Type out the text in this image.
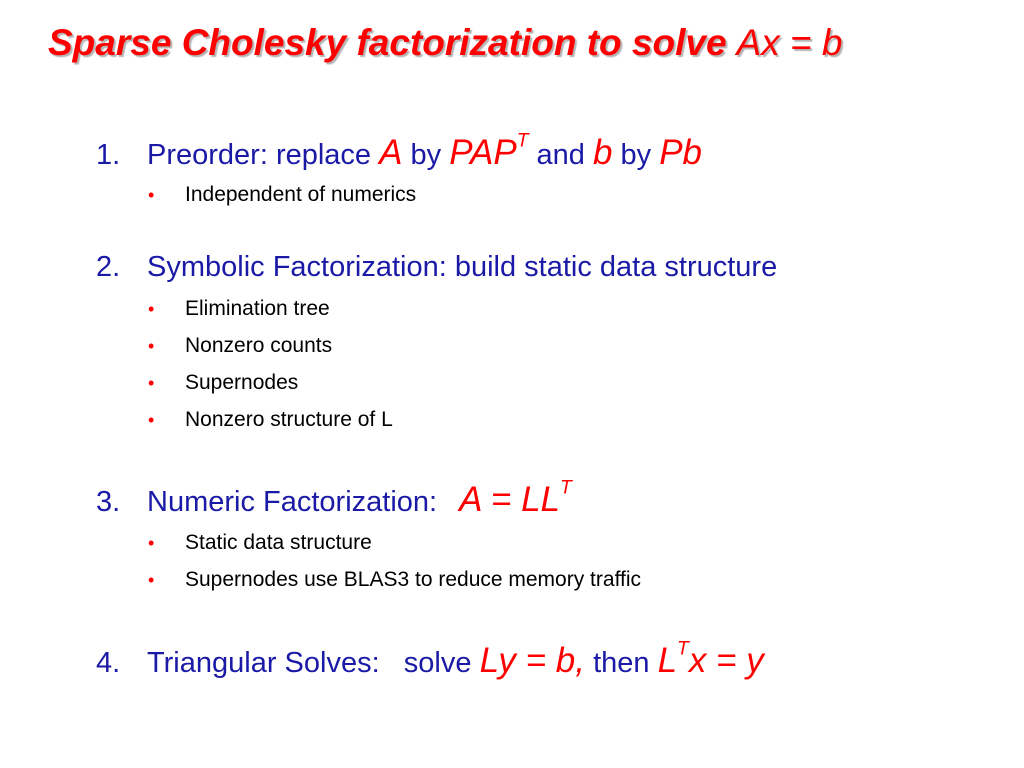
Sparse Cholesky factorization to solve Ax = b
1. Preorder: replace A by $PAP^T$ and b by Pb
• Independent of numerics
2. Symbolic Factorization: build static data structure
• Elimination tree
• Nonzero counts
• Supernodes
• Nonzero structure of L
3. Numeric Factorization: $A = LL^T$
• Static data structure
• Supernodes use BLAS3 to reduce memory traffic
4. Triangular Solves:   solve Ly = b, then $L^Tx = y$
